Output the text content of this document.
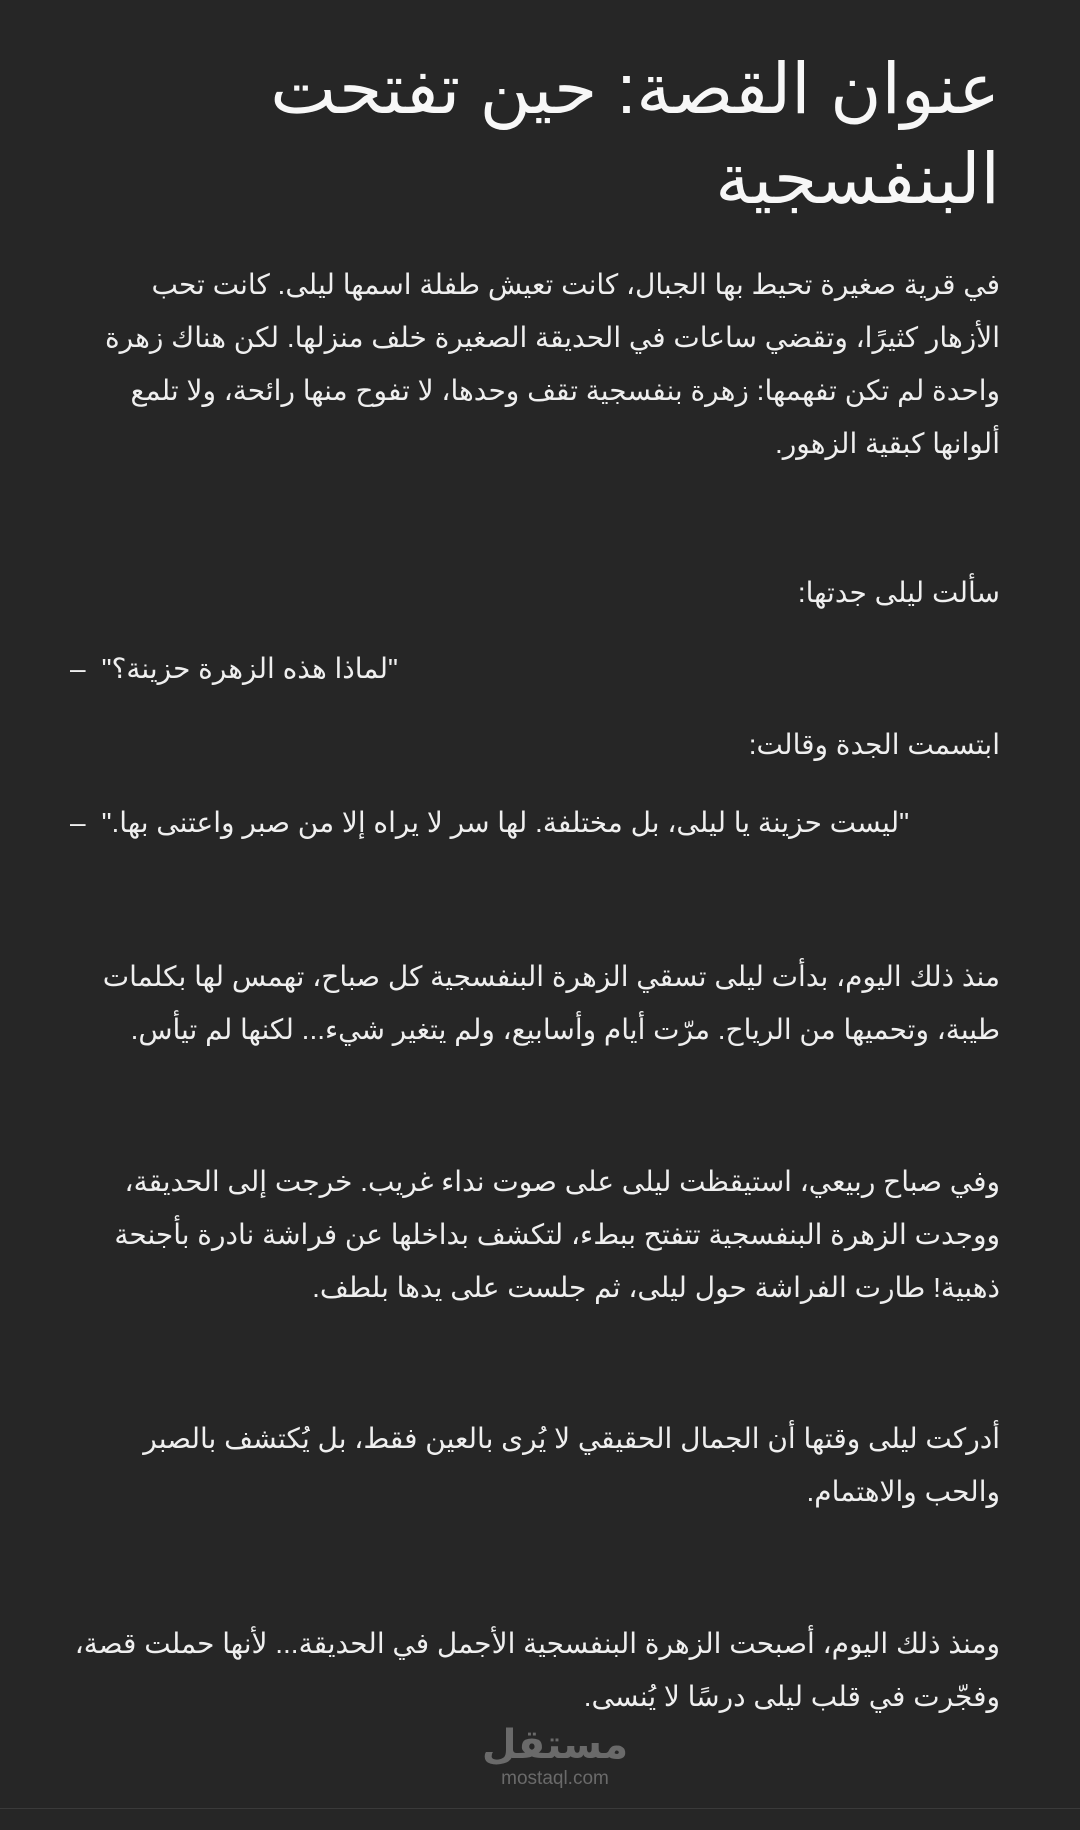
عنوان القصة: حين تفتحت البنفسجية

في قرية صغيرة تحيط بها الجبال، كانت تعيش طفلة اسمها ليلى. كانت تحب الأزهار كثيرًا، وتقضي ساعات في الحديقة الصغيرة خلف منزلها. لكن هناك زهرة واحدة لم تكن تفهمها: زهرة بنفسجية تقف وحدها، لا تفوح منها رائحة، ولا تلمع ألوانها كبقية الزهور.

سألت ليلى جدتها:

– "لماذا هذه الزهرة حزينة؟"

ابتسمت الجدة وقالت:

– "ليست حزينة يا ليلى، بل مختلفة. لها سر لا يراه إلا من صبر واعتنى بها."

منذ ذلك اليوم، بدأت ليلى تسقي الزهرة البنفسجية كل صباح، تهمس لها بكلمات طيبة، وتحميها من الرياح. مرّت أيام وأسابيع، ولم يتغير شيء... لكنها لم تيأس.

وفي صباح ربيعي، استيقظت ليلى على صوت نداء غريب. خرجت إلى الحديقة، ووجدت الزهرة البنفسجية تتفتح ببطء، لتكشف بداخلها عن فراشة نادرة بأجنحة ذهبية! طارت الفراشة حول ليلى، ثم جلست على يدها بلطف.

أدركت ليلى وقتها أن الجمال الحقيقي لا يُرى بالعين فقط، بل يُكتشف بالصبر والحب والاهتمام.

ومنذ ذلك اليوم، أصبحت الزهرة البنفسجية الأجمل في الحديقة... لأنها حملت قصة، وفجّرت في قلب ليلى درسًا لا يُنسى.

مستقل
mostaql.com
